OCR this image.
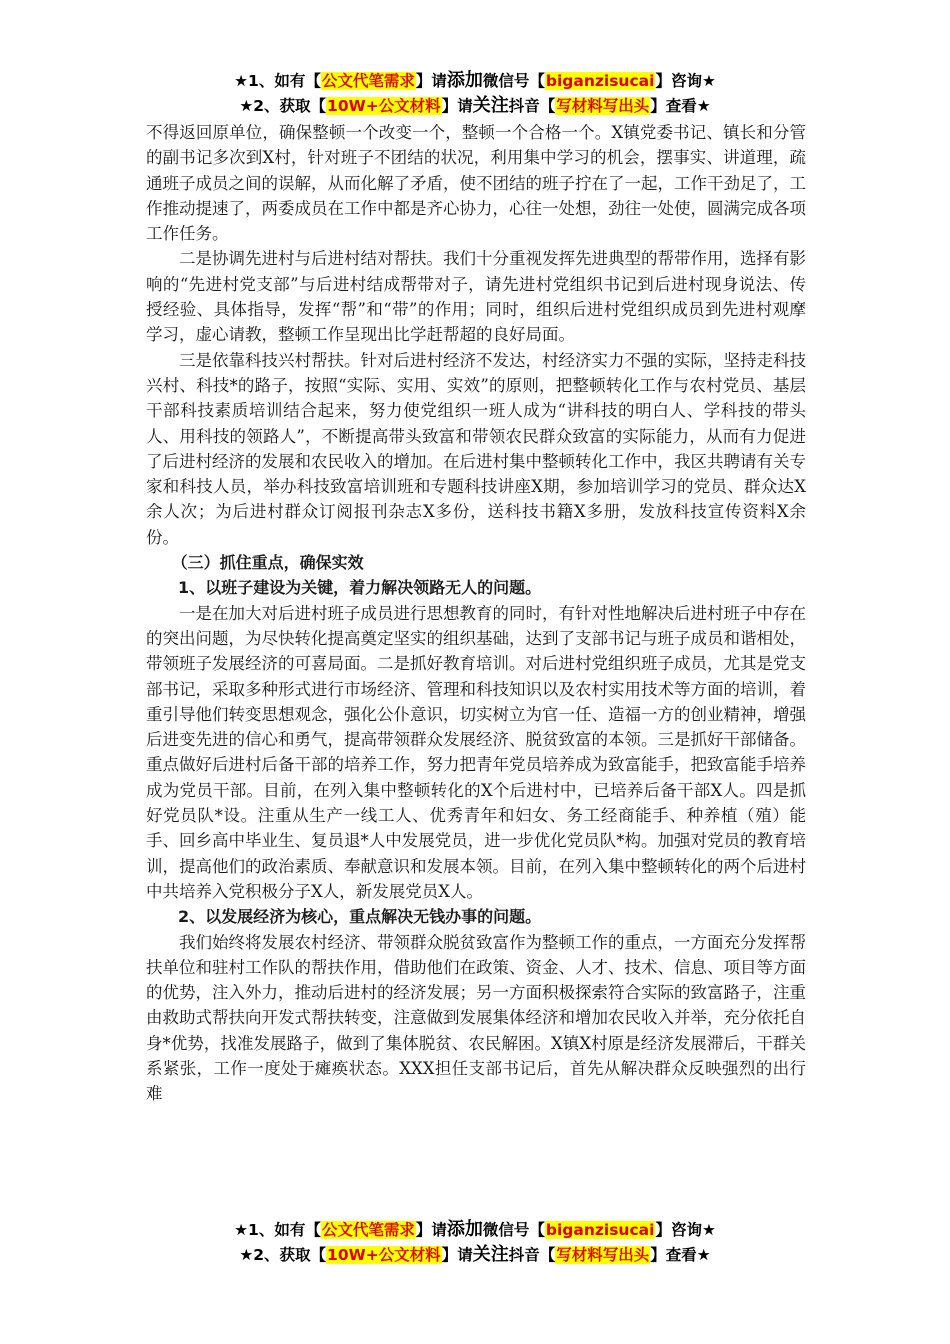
★1、如有【公文代笔需求】请添加微信号【biganzisucai】咨询★
★2、获取【10W+公文材料】请关注抖音【写材料写出头】查看★

不得返回原单位，确保整顿一个改变一个，整顿一个合格一个。X镇党委书记、镇长和分管的副书记多次到X村，针对班子不团结的状况，利用集中学习的机会，摆事实、讲道理，疏通班子成员之间的误解，从而化解了矛盾，使不团结的班子拧在了一起，工作干劲足了，工作推动提速了，两委成员在工作中都是齐心协力，心往一处想，劲往一处使，圆满完成各项工作任务。

二是协调先进村与后进村结对帮扶。我们十分重视发挥先进典型的帮带作用，选择有影响的“先进村党支部”与后进村结成帮带对子，请先进村党组织书记到后进村现身说法、传授经验、具体指导，发挥“帮”和“带”的作用；同时，组织后进村党组织成员到先进村观摩学习，虚心请教，整顿工作呈现出比学赶帮超的良好局面。

三是依靠科技兴村帮扶。针对后进村经济不发达，村经济实力不强的实际，坚持走科技兴村、科技*的路子，按照“实际、实用、实效”的原则，把整顿转化工作与农村党员、基层干部科技素质培训结合起来，努力使党组织一班人成为“讲科技的明白人、学科技的带头人、用科技的领路人”，不断提高带头致富和带领农民群众致富的实际能力，从而有力促进了后进村经济的发展和农民收入的增加。在后进村集中整顿转化工作中，我区共聘请有关专家和科技人员，举办科技致富培训班和专题科技讲座X期，参加培训学习的党员、群众达X余人次；为后进村群众订阅报刊杂志X多份，送科技书籍X多册，发放科技宣传资料X余份。

（三）抓住重点，确保实效

1、以班子建设为关键，着力解决领路无人的问题。

一是在加大对后进村班子成员进行思想教育的同时，有针对性地解决后进村班子中存在的突出问题，为尽快转化提高奠定坚实的组织基础，达到了支部书记与班子成员和谐相处，带领班子发展经济的可喜局面。二是抓好教育培训。对后进村党组织班子成员，尤其是党支部书记，采取多种形式进行市场经济、管理和科技知识以及农村实用技术等方面的培训，着重引导他们转变思想观念，强化公仆意识，切实树立为官一任、造福一方的创业精神，增强后进变先进的信心和勇气，提高带领群众发展经济、脱贫致富的本领。三是抓好干部储备。重点做好后进村后备干部的培养工作，努力把青年党员培养成为致富能手，把致富能手培养成为党员干部。目前，在列入集中整顿转化的X个后进村中，已培养后备干部X人。四是抓好党员队*设。注重从生产一线工人、优秀青年和妇女、务工经商能手、种养植（殖）能手、回乡高中毕业生、复员退*人中发展党员，进一步优化党员队*构。加强对党员的教育培训，提高他们的政治素质、奉献意识和发展本领。目前，在列入集中整顿转化的两个后进村中共培养入党积极分子X人，新发展党员X人。

2、以发展经济为核心，重点解决无钱办事的问题。

我们始终将发展农村经济、带领群众脱贫致富作为整顿工作的重点，一方面充分发挥帮扶单位和驻村工作队的帮扶作用，借助他们在政策、资金、人才、技术、信息、项目等方面的优势，注入外力，推动后进村的经济发展；另一方面积极探索符合实际的致富路子，注重由救助式帮扶向开发式帮扶转变，注意做到发展集体经济和增加农民收入并举，充分依托自身*优势，找准发展路子，做到了集体脱贫、农民解困。X镇X村原是经济发展滞后，干群关系紧张，工作一度处于瘫痪状态。XXX担任支部书记后，首先从解决群众反映强烈的出行难

★1、如有【公文代笔需求】请添加微信号【biganzisucai】咨询★
★2、获取【10W+公文材料】请关注抖音【写材料写出头】查看★
